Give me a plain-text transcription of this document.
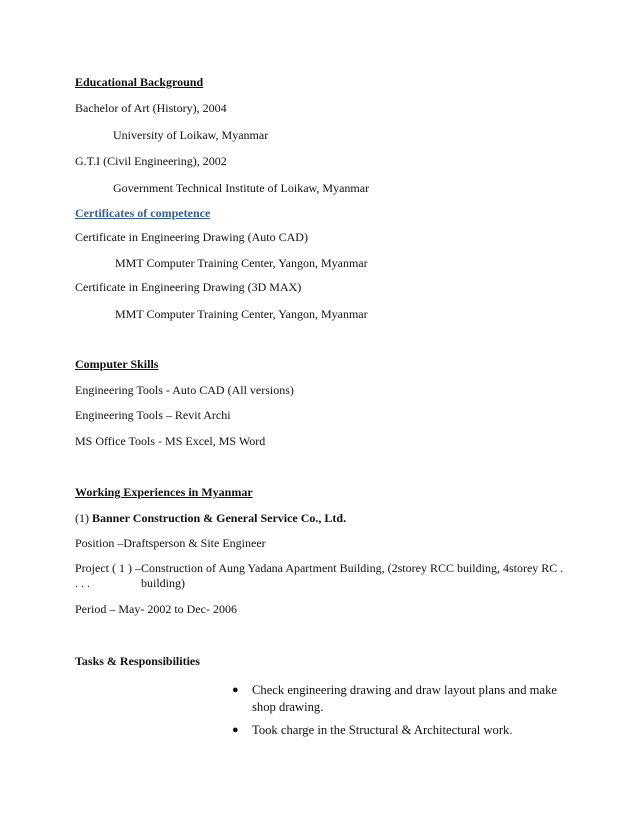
Educational Background
Bachelor of Art (History), 2004
University of Loikaw, Myanmar
G.T.I (Civil Engineering), 2002
Government Technical Institute of Loikaw, Myanmar
Certificates of competence
Certificate in Engineering Drawing (Auto CAD)
MMT Computer Training Center, Yangon, Myanmar
Certificate in Engineering Drawing (3D MAX)
MMT Computer Training Center, Yangon, Myanmar
Computer Skills
Engineering Tools - Auto CAD (All versions)
Engineering Tools – Revit Archi
MS Office Tools - MS Excel, MS Word
Working Experiences in Myanmar
(1) Banner Construction & General Service Co., Ltd.
Position –Draftsperson & Site Engineer
Project ( 1 ) –Construction of Aung Yadana Apartment Building, (2storey RCC building, 4storey RC .
. . .	building)
Period – May- 2002 to Dec- 2006
Tasks & Responsibilities
● Check engineering drawing and draw layout plans and make shop drawing.
● Took charge in the Structural & Architectural work.
